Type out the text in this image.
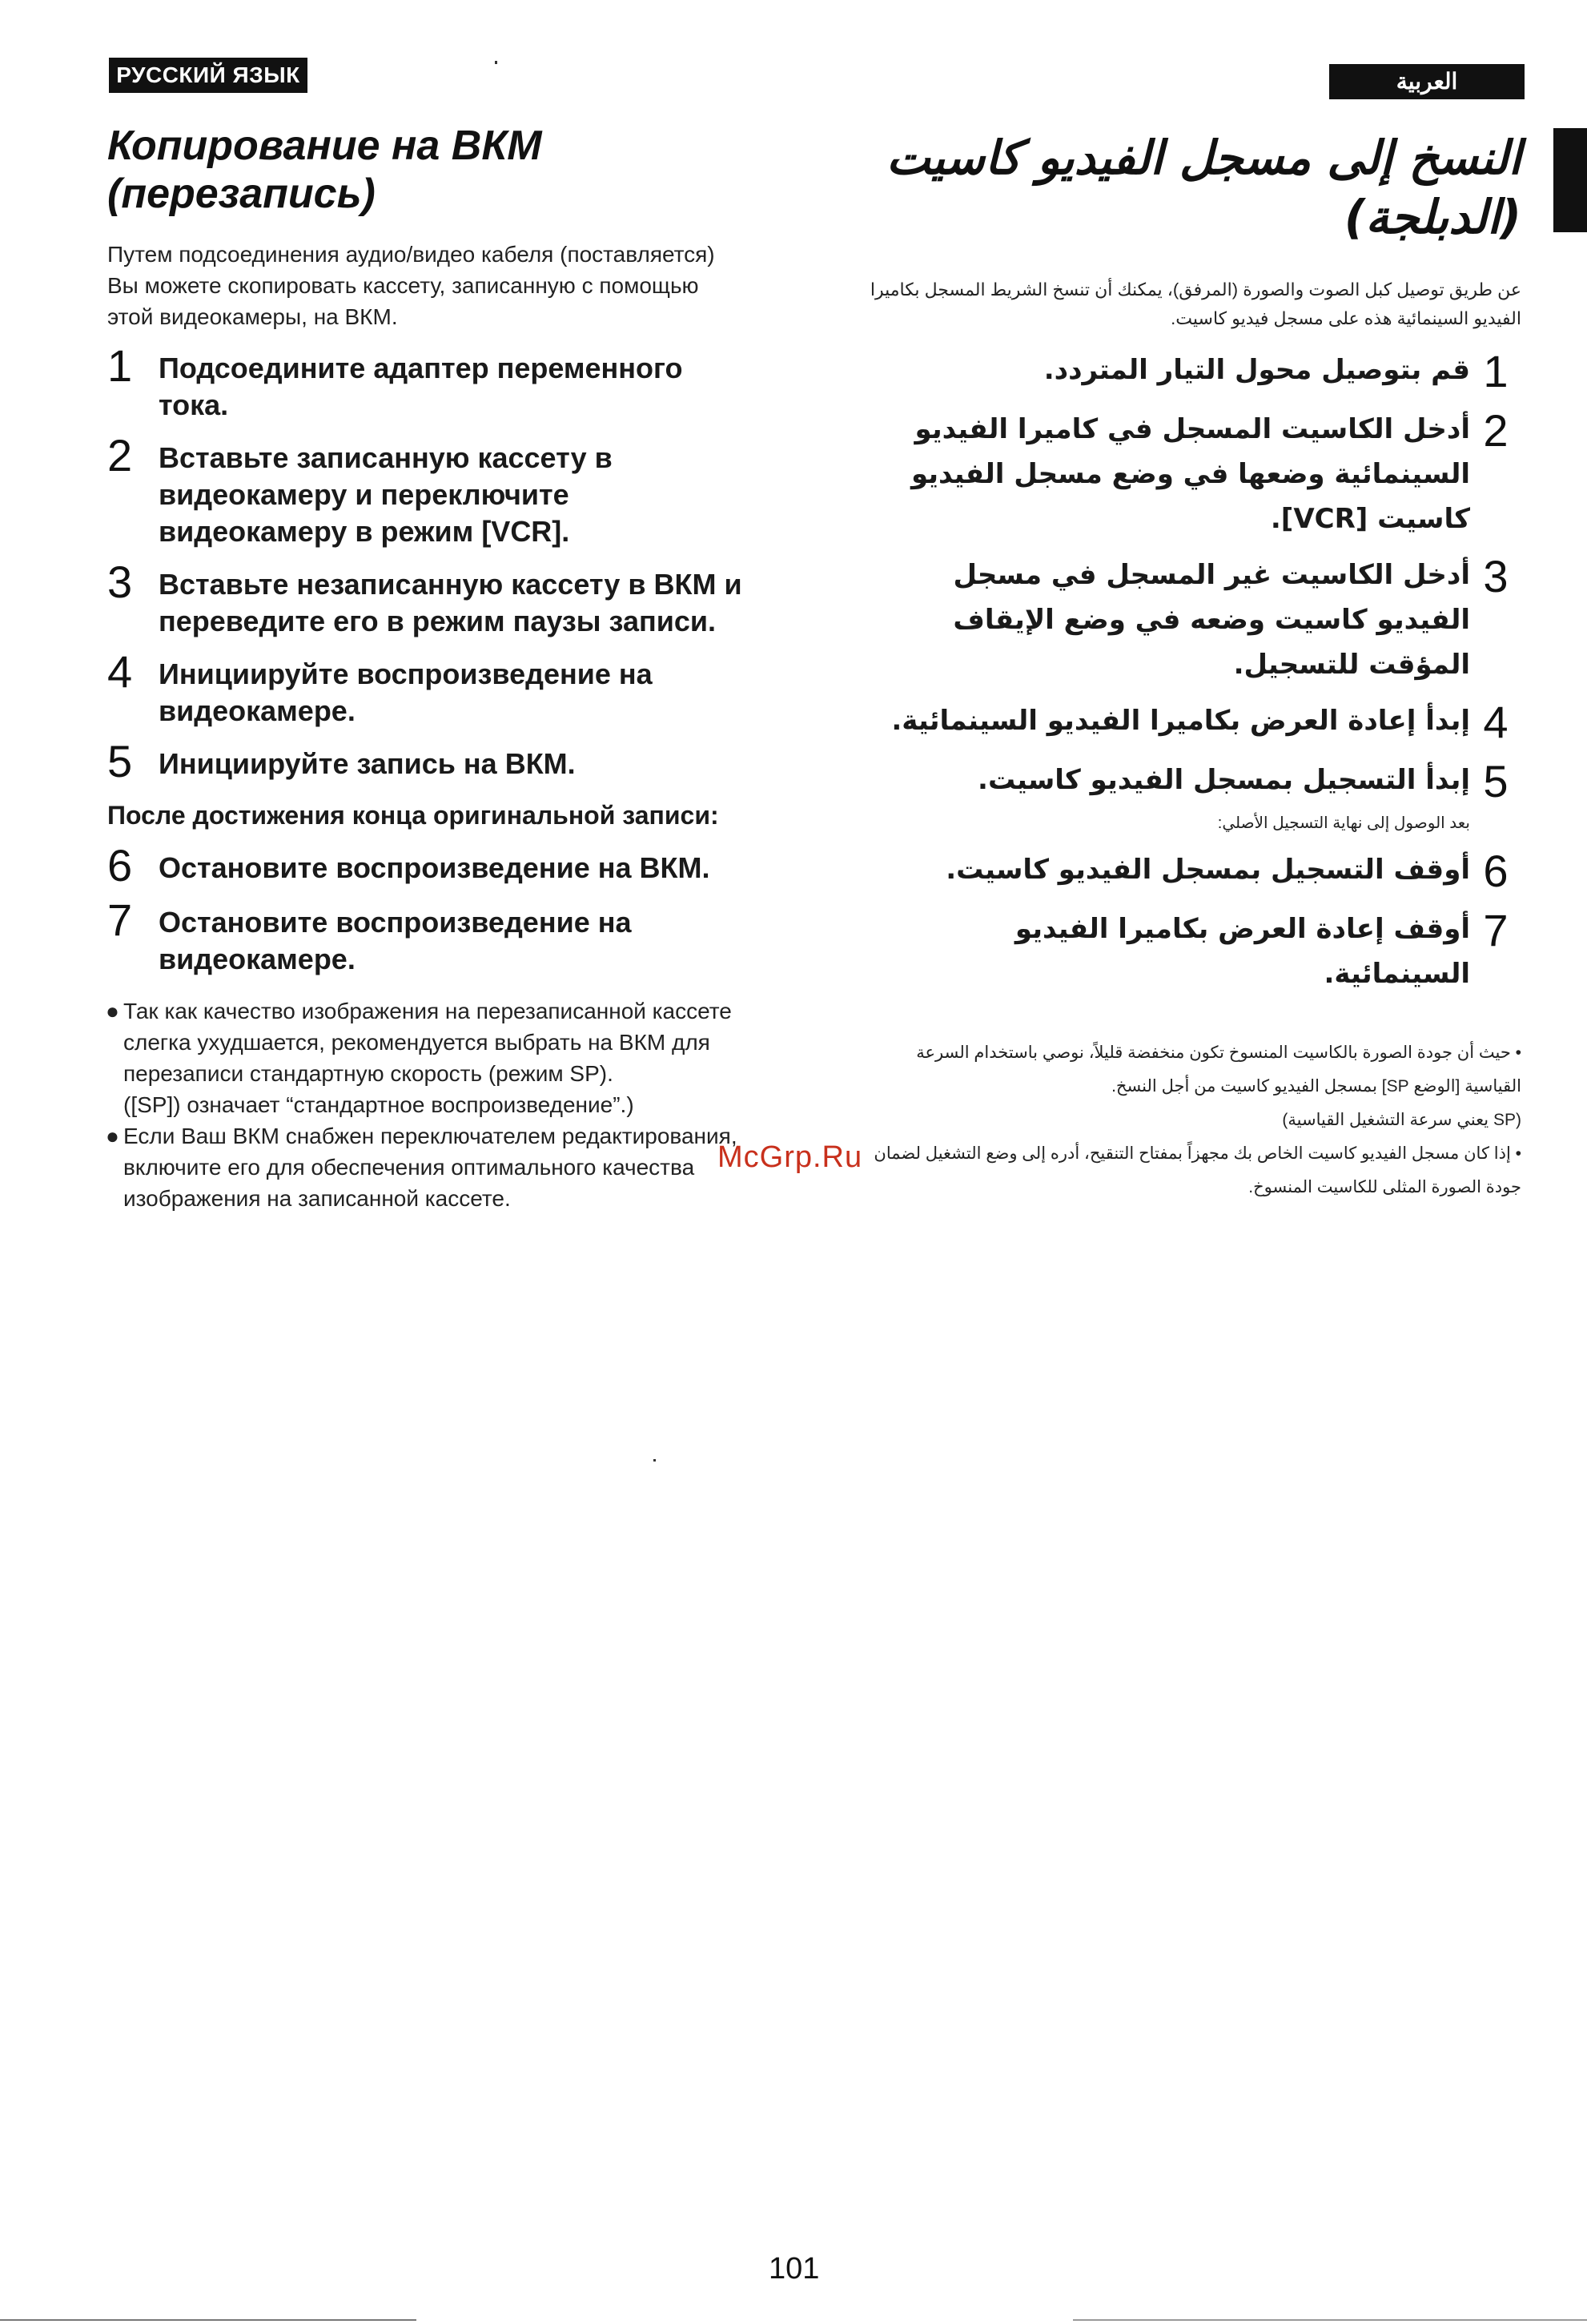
РУССКИЙ ЯЗЫК	العربية
Копирование на ВКМ
(перезапись)

Путем подсоединения аудио/видео кабеля (поставляется) Вы можете скопировать кассету, записанную с помощью этой видеокамеры, на ВКМ.

1 Подсоедините адаптер переменного тока.
2 Вставьте записанную кассету в видеокамеру и переключите видеокамеру в режим [VCR].
3 Вставьте незаписанную кассету в ВКМ и переведите его в режим паузы записи.
4 Инициируйте воспроизведение на видеокамере.
5 Инициируйте запись на ВКМ.

После достижения конца оригинальной записи:

6 Остановите воспроизведение на ВКМ.
7 Остановите воспроизведение на видеокамере.

● Так как качество изображения на перезаписанной кассете слегка ухудшается, рекомендуется выбрать на ВКМ для перезаписи стандартную скорость (режим SP).

([SP]) означает “стандартное воспроизведение”.)

● Если Ваш ВКМ снабжен переключателем редактирования, включите его для обеспечения оптимального качества изображения на записанной кассете.

النسخ إلى مسجل الفيديو كاسيت
(الدبلجة)

عن طريق توصيل كبل الصوت والصورة (المرفق)، يمكنك أن تنسخ الشريط المسجل بكاميرا الفيديو السينمائية هذه على مسجل فيديو كاسيت.

1
قم بتوصيل محول التيار المتردد.
2
أدخل الكاسيت المسجل في كاميرا الفيديو السينمائية وضعها في وضع مسجل الفيديو كاسيت [VCR].
3
أدخل الكاسيت غير المسجل في مسجل الفيديو كاسيت وضعه في وضع الإيقاف المؤقت للتسجيل.
4
إبدأ إعادة العرض بكاميرا الفيديو السينمائية.
5
إبدأ التسجيل بمسجل الفيديو كاسيت.

بعد الوصول إلى نهاية التسجيل الأصلي:

6
أوقف التسجيل بمسجل الفيديو كاسيت.
7
أوقف إعادة العرض بكاميرا الفيديو السينمائية.

• حيث أن جودة الصورة بالكاسيت المنسوخ تكون منخفضة قليلاً، نوصي باستخدام السرعة القياسية [الوضع SP] بمسجل الفيديو كاسيت من أجل النسخ.

(SP يعني سرعة التشغيل القياسية)

• إذا كان مسجل الفيديو كاسيت الخاص بك مجهزاً بمفتاح التنقيح، أدره إلى وضع التشغيل لضمان جودة الصورة المثلى للكاسيت المنسوخ.

McGrp.Ru
101
